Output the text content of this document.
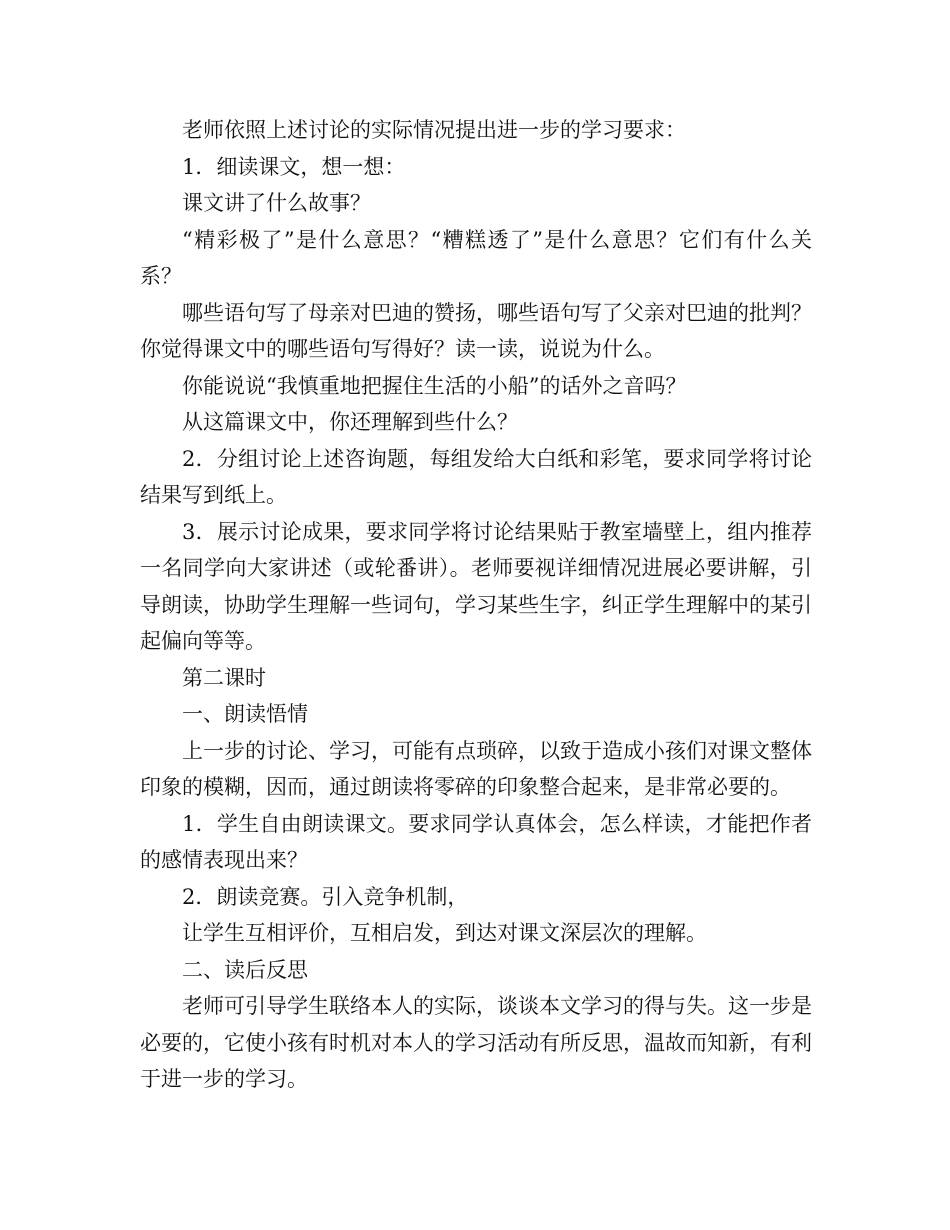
老师依照上述讨论的实际情况提出进一步的学习要求：

1．细读课文，想一想：

课文讲了什么故事？

“精彩极了”是什么意思？“糟糕透了”是什么意思？它们有什么关系？

哪些语句写了母亲对巴迪的赞扬，哪些语句写了父亲对巴迪的批判？你觉得课文中的哪些语句写得好？读一读，说说为什么。

你能说说“我慎重地把握住生活的小船”的话外之音吗？

从这篇课文中，你还理解到些什么？

2．分组讨论上述咨询题，每组发给大白纸和彩笔，要求同学将讨论结果写到纸上。

3．展示讨论成果，要求同学将讨论结果贴于教室墙壁上，组内推荐一名同学向大家讲述（或轮番讲）。老师要视详细情况进展必要讲解，引导朗读，协助学生理解一些词句，学习某些生字，纠正学生理解中的某引起偏向等等。

第二课时

一、朗读悟情

上一步的讨论、学习，可能有点琐碎，以致于造成小孩们对课文整体印象的模糊，因而，通过朗读将零碎的印象整合起来，是非常必要的。

1．学生自由朗读课文。要求同学认真体会，怎么样读，才能把作者的感情表现出来？

2．朗读竞赛。引入竞争机制，

让学生互相评价，互相启发，到达对课文深层次的理解。

二、读后反思

老师可引导学生联络本人的实际，谈谈本文学习的得与失。这一步是必要的，它使小孩有时机对本人的学习活动有所反思，温故而知新，有利于进一步的学习。
